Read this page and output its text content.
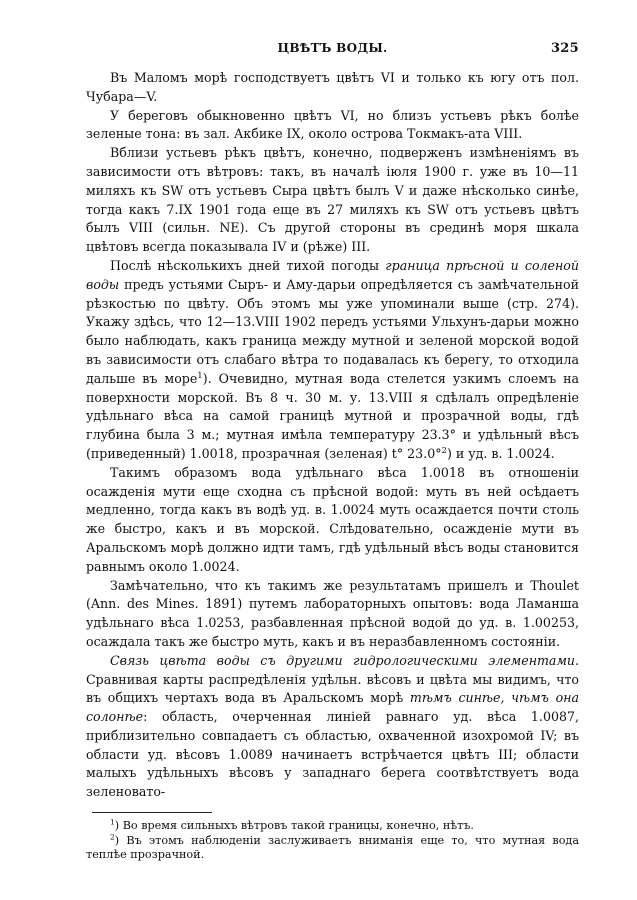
ЦВѢТЪ ВОДЫ.	325

Въ Маломъ морѣ господствуетъ цвѣтъ VI и только къ югу отъ пол. Чубара—V.

У береговъ обыкновенно цвѣтъ VI, но близъ устьевъ рѣкъ болѣе зеленые тона: въ зал. Акбике IX, около острова Токмакъ-ата VIII.

Вблизи устьевъ рѣкъ цвѣтъ, конечно, подверженъ измѣненіямъ въ зависимости отъ вѣтровъ: такъ, въ началѣ іюля 1900 г. уже въ 10—11 миляхъ къ SW отъ устьевъ Сыра цвѣтъ былъ V и даже нѣсколько синѣе, тогда какъ 7.IX 1901 года еще въ 27 миляхъ къ SW отъ устьевъ цвѣтъ былъ VIII (сильн. NE). Съ другой стороны въ срединѣ моря шкала цвѣтовъ всегда показывала IV и (рѣже) III.

Послѣ нѣсколькихъ дней тихой погоды граница прѣсной и соленой воды предъ устьями Сыръ- и Аму-дарьи опредѣляется съ замѣчательной рѣзкостью по цвѣту. Объ этомъ мы уже упоминали выше (стр. 274). Укажу здѣсь, что 12—13.VIII 1902 передъ устьями Ульхунъ-дарьи можно было наблюдать, какъ граница между мутной и зеленой морской водой въ зависимости отъ слабаго вѣтра то подавалась къ берегу, то отходила дальше въ море$^1$). Очевидно, мутная вода стелется узкимъ слоемъ на поверхности морской. Въ 8 ч. 30 м. у. 13.VIII я сдѣлалъ опредѣленіе удѣльнаго вѣса на самой границѣ мутной и прозрачной воды, гдѣ глубина была 3 м.; мутная имѣла температуру 23.3° и удѣльный вѣсъ (приведенный) 1.0018, прозрачная (зеленая) t° 23.0°$^2$) и уд. в. 1.0024.

Такимъ образомъ вода удѣльнаго вѣса 1.0018 въ отношеніи осажденія мути еще сходна съ прѣсной водой: муть въ ней осѣдаетъ медленно, тогда какъ въ водѣ уд. в. 1.0024 муть осаждается почти столь же быстро, какъ и въ морской. Слѣдовательно, осажденіе мути въ Аральскомъ морѣ должно идти тамъ, гдѣ удѣльный вѣсъ воды становится равнымъ около 1.0024.

Замѣчательно, что къ такимъ же результатамъ пришелъ и Thoulet (Ann. des Mines. 1891) путемъ лабораторныхъ опытовъ: вода Ламанша удѣльнаго вѣса 1.0253, разбавленная прѣсной водой до уд. в. 1.00253, осаждала такъ же быстро муть, какъ и въ неразбавленномъ состояніи.

Связь цвѣта воды съ другими гидрологическими элементами. Сравнивая карты распредѣленія удѣльн. вѣсовъ и цвѣта мы видимъ, что въ общихъ чертахъ вода въ Аральскомъ морѣ тѣмъ синѣе, чѣмъ она солонѣе: область, очерченная линіей равнаго уд. вѣса 1.0087, приблизительно совпадаетъ съ областью, охваченной изохромой IV; въ области уд. вѣсовъ 1.0089 начинаетъ встрѣчается цвѣтъ III; области малыхъ удѣльныхъ вѣсовъ у западнаго берега соотвѣтствуетъ вода зеленовато-

$^1$) Во время сильныхъ вѣтровъ такой границы, конечно, нѣтъ.

$^2$) Въ этомъ наблюденіи заслуживаетъ вниманія еще то, что мутная вода теплѣе прозрачной.
